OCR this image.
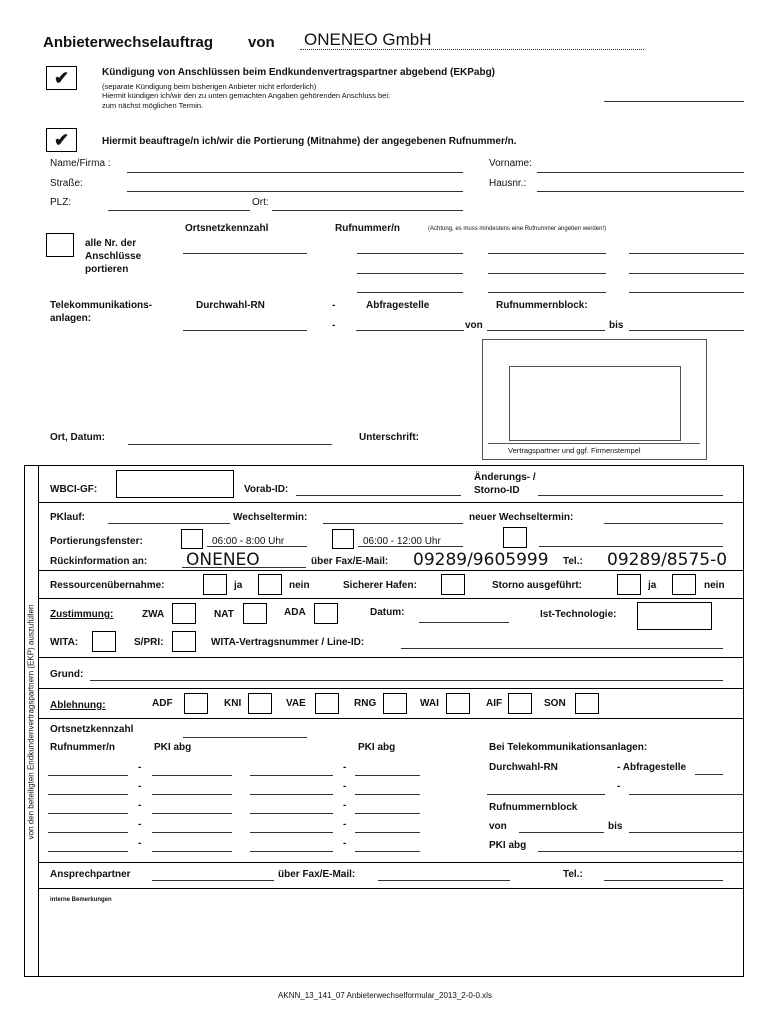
Anbieterwechselauftrag von ONENEO GmbH
✔	Kündigung von Anschlüssen beim Endkundenvertragspartner abgebend (EKPabg)
(separate Kündigung beim bisherigen Anbieter nicht erforderlich)
Hiermit kündigen ich/wir den zu unten gemachten Angaben gehörenden Anschluss bei:
zum nächst möglichen Termin.
✔	Hiermit beauftrage/n ich/wir die Portierung (Mitnahme) der angegebenen Rufnummer/n.
Name/Firma :	Vorname:
Straße:	Hausnr.:
PLZ:	Ort:
Ortsnetzkennzahl	Rufnummer/n	(Achtung, es muss mindestens eine Rufnummer angeben werden!)
alle Nr. der
Anschlüsse
portieren
Telekommunikations-
anlagen:
Durchwahl-RN	-	Abfragestelle	Rufnummernblock:
-	von	bis
Ort, Datum:	Unterschrift:
Vertragspartner und ggf. Firmenstempel
von den beteiligten Endkundenvertragspartnern (EKP) auszufüllen
WBCI-GF:	Vorab-ID:
Änderungs- /
Storno-ID
PKlauf:	Wechseltermin:	neuer Wechseltermin:
Portierungsfenster:	06:00 - 8:00 Uhr	06:00 - 12:00 Uhr
Rückinformation an: ONENEO	über Fax/E-Mail: 09289/9605999 Tel.: 09289/8575-0
Ressourcenübernahme:	ja	nein	Sicherer Hafen:	Storno ausgeführt:	ja	nein
Zustimmung:	ZWA	NAT	ADA	Datum:	Ist-Technologie:
WITA:	S/PRI:	WITA-Vertragsnummer / Line-ID:
Grund:
Ablehnung:	ADF	KNI	VAE	RNG	WAI	AIF	SON
Ortsnetzkennzahl
Rufnummer/n	PKI abg	PKI abg	Bei Telekommunikationsanlagen:
-	-
-	-
-	-
-	-
-	-
Durchwahl-RN	- Abfragestelle
-
Rufnummernblock
von	bis
PKI abg
Ansprechpartner	über Fax/E-Mail:	Tel.:
interne Bemerkungen
AKNN_13_141_07 Anbieterwechselformular_2013_2-0-0.xls
